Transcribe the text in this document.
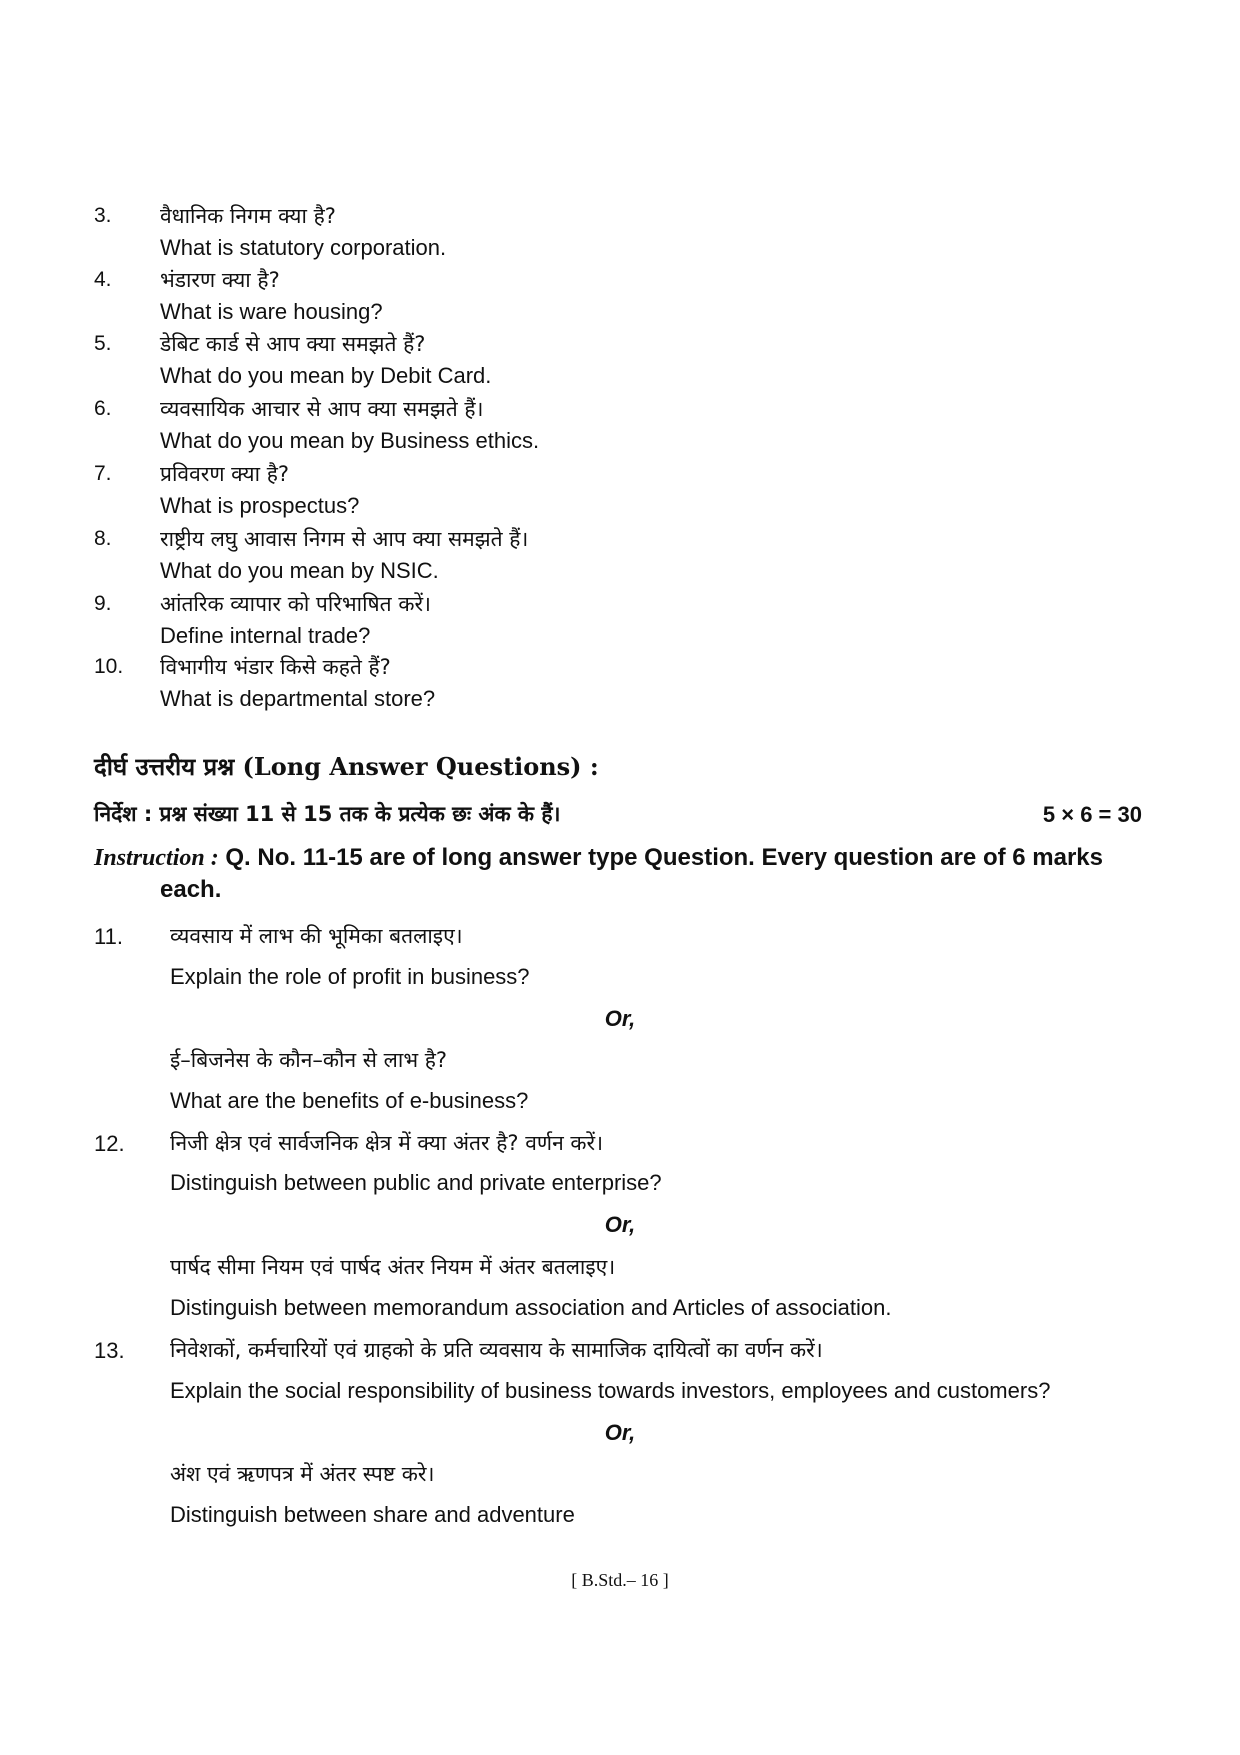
3. वैधानिक निगम क्या है?
What is statutory corporation.
4. भंडारण क्या है?
What is ware housing?
5. डेबिट कार्ड से आप क्या समझते हैं?
What do you mean by Debit Card.
6. व्यवसायिक आचार से आप क्या समझते हैं।
What do you mean by Business ethics.
7. प्रविवरण क्या है?
What is prospectus?
8. राष्ट्रीय लघु आवास निगम से आप क्या समझते हैं।
What do you mean by NSIC.
9. आंतरिक व्यापार को परिभाषित करें।
Define internal trade?
10. विभागीय भंडार किसे कहते हैं?
What is departmental store?
दीर्घ उत्तरीय प्रश्न (Long Answer Questions) :
निर्देश : प्रश्न संख्या 11 से 15 तक के प्रत्येक छः अंक के हैं।	5 × 6 = 30
Instruction : Q. No. 11-15 are of long answer type Question. Every question are of 6 marks
each.
11. व्यवसाय में लाभ की भूमिका बतलाइए।
Explain the role of profit in business?
Or,
ई–बिजनेस के कौन–कौन से लाभ है?
What are the benefits of e-business?
12. निजी क्षेत्र एवं सार्वजनिक क्षेत्र में क्या अंतर है? वर्णन करें।
Distinguish between public and private enterprise?
Or,
पार्षद सीमा नियम एवं पार्षद अंतर नियम में अंतर बतलाइए।
Distinguish between memorandum association and Articles of association.
13. निवेशकों, कर्मचारियों एवं ग्राहको के प्रति व्यवसाय के सामाजिक दायित्वों का वर्णन करें।
Explain the social responsibility of business towards investors, employees and customers?
Or,
अंश एवं ऋणपत्र में अंतर स्पष्ट करे।
Distinguish between share and adventure
[ B.Std.– 16 ]
